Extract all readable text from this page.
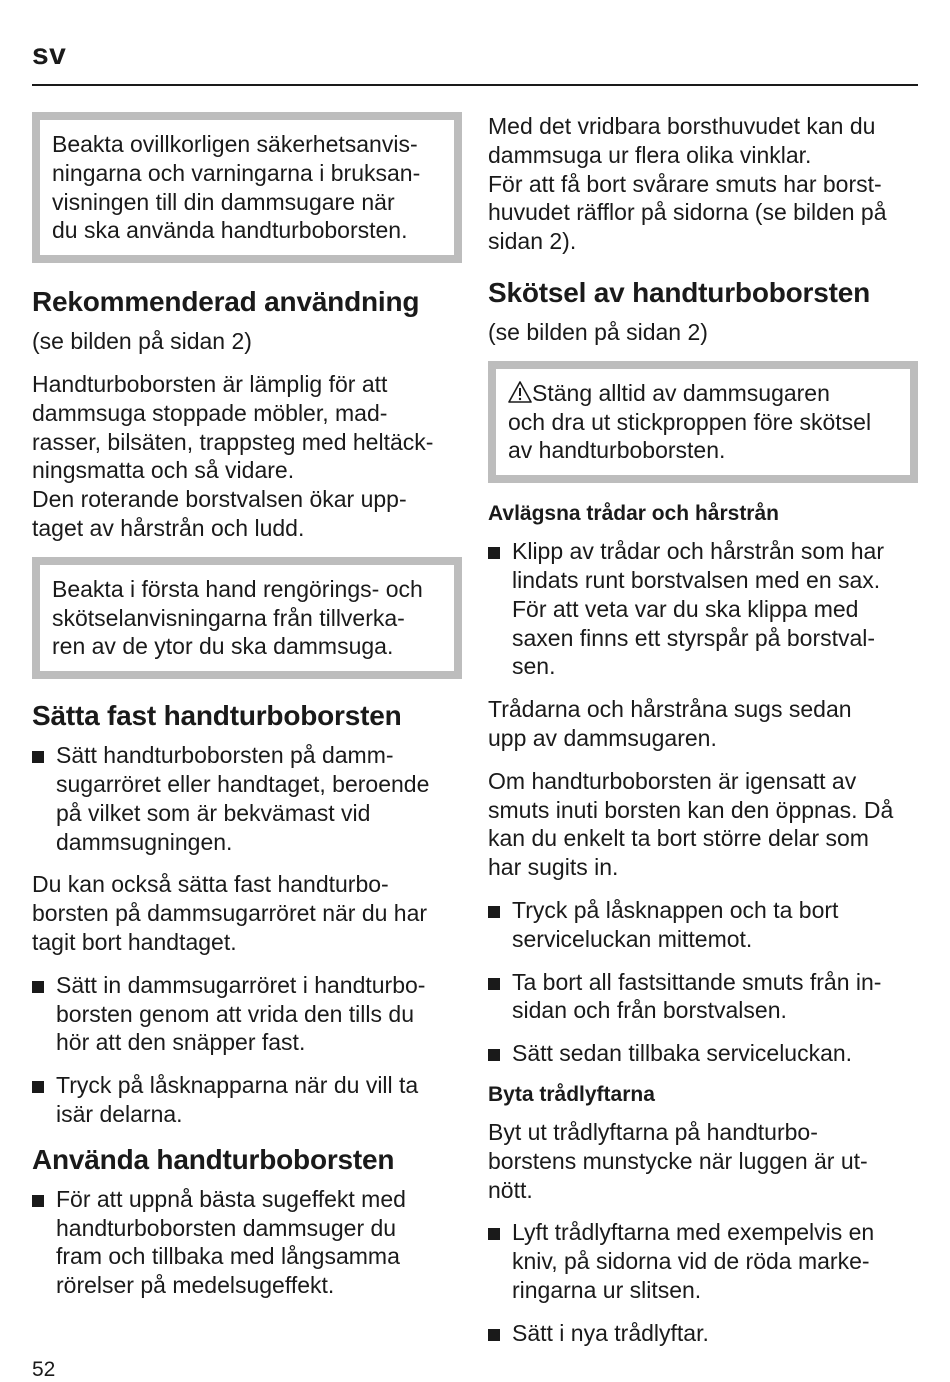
sv

Beakta ovillkorligen säkerhetsanvis-
ningarna och varningarna i bruksan-
visningen till din dammsugare när
du ska använda handturboborsten.

Rekommenderad användning

(se bilden på sidan 2)

Handturboborsten är lämplig för att
dammsuga stoppade möbler, mad-
rasser, bilsäten, trappsteg med heltäck-
ningsmatta och så vidare.
Den roterande borstvalsen ökar upp-
taget av hårstrån och ludd.

Beakta i första hand rengörings- och
skötselanvisningarna från tillverka-
ren av de ytor du ska dammsuga.

Sätta fast handturboborsten
Sätt handturboborsten på damm-
sugarröret eller handtaget, beroende
på vilket som är bekvämast vid
dammsugningen.

Du kan också sätta fast handturbo-
borsten på dammsugarröret när du har
tagit bort handtaget.

Sätt in dammsugarröret i handturbo-
borsten genom att vrida den tills du
hör att den snäpper fast.
Tryck på låsknapparna när du vill ta
isär delarna.
Använda handturboborsten
För att uppnå bästa sugeffekt med
handturboborsten dammsuger du
fram och tillbaka med långsamma
rörelser på medelsugeffekt.

Med det vridbara borsthuvudet kan du
dammsuga ur flera olika vinklar.
För att få bort svårare smuts har borst-
huvudet räfflor på sidorna (se bilden på
sidan 2).

Skötsel av handturboborsten

(se bilden på sidan 2)

Stäng alltid av dammsugaren
och dra ut stickproppen före skötsel
av handturboborsten.

Avlägsna trådar och hårstrån
Klipp av trådar och hårstrån som har
lindats runt borstvalsen med en sax.
För att veta var du ska klippa med
saxen finns ett styrspår på borstval-
sen.

Trådarna och hårstråna sugs sedan
upp av dammsugaren.

Om handturboborsten är igensatt av
smuts inuti borsten kan den öppnas. Då
kan du enkelt ta bort större delar som
har sugits in.

Tryck på låsknappen och ta bort
serviceluckan mittemot.
Ta bort all fastsittande smuts från in-
sidan och från borstvalsen.
Sätt sedan tillbaka serviceluckan.
Byta trådlyftarna

Byt ut trådlyftarna på handturbo-
borstens munstycke när luggen är ut-
nött.

Lyft trådlyftarna med exempelvis en
kniv, på sidorna vid de röda marke-
ringarna ur slitsen.
Sätt i nya trådlyftar.
52
